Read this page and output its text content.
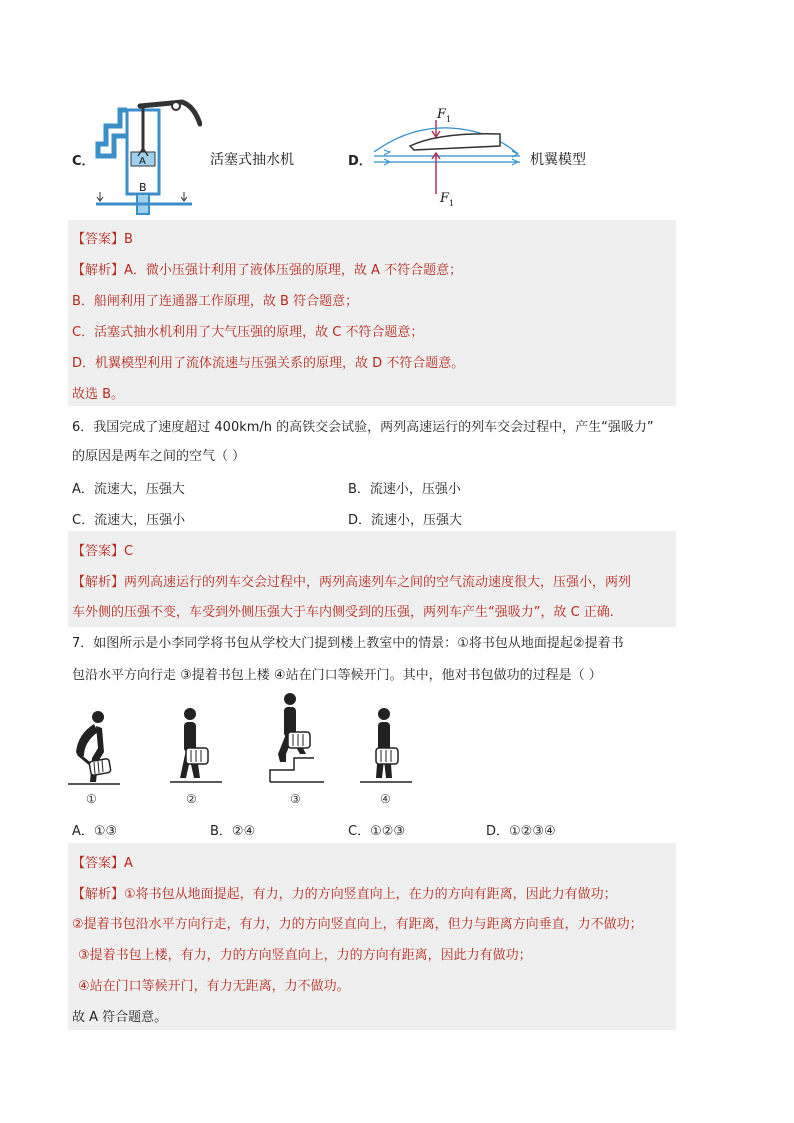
C．	A
B
活塞式抽水机	D．
F 1
F 1
机翼模型
【答案】B
【解析】A．微小压强计利用了液体压强的原理，故 A 不符合题意；
B．船闸利用了连通器工作原理，故 B 符合题意；
C．活塞式抽水机利用了大气压强的原理，故 C 不符合题意；
D．机翼模型利用了流体流速与压强关系的原理，故 D 不符合题意。
故选 B。
6．我国完成了速度超过 400km/h 的高铁交会试验，两列高速运行的列车交会过程中，产生“强吸力”
的原因是两车之间的空气（ ）
A．流速大，压强大	B．流速小，压强小
C．流速大，压强小	D．流速小，压强大
【答案】C
【解析】两列高速运行的列车交会过程中，两列高速列车之间的空气流动速度很大，压强小，两列
车外侧的压强不变，车受到外侧压强大于车内侧受到的压强，两列车产生“强吸力”，故 C 正确.
7．如图所示是小李同学将书包从学校大门提到楼上教室中的情景：①将书包从地面提起②提着书
包沿水平方向行走 ③提着书包上楼 ④站在门口等候开门。其中，他对书包做功的过程是（ ）
①	②	③	④
A．①③	B．②④	C．①②③	D．①②③④
【答案】A
【解析】①将书包从地面提起，有力，力的方向竖直向上，在力的方向有距离，因此力有做功；
②提着书包沿水平方向行走，有力，力的方向竖直向上，有距离，但力与距离方向垂直，力不做功；
③提着书包上楼，有力，力的方向竖直向上，力的方向有距离，因此力有做功；
④站在门口等候开门，有力无距离，力不做功。
故 A 符合题意。
